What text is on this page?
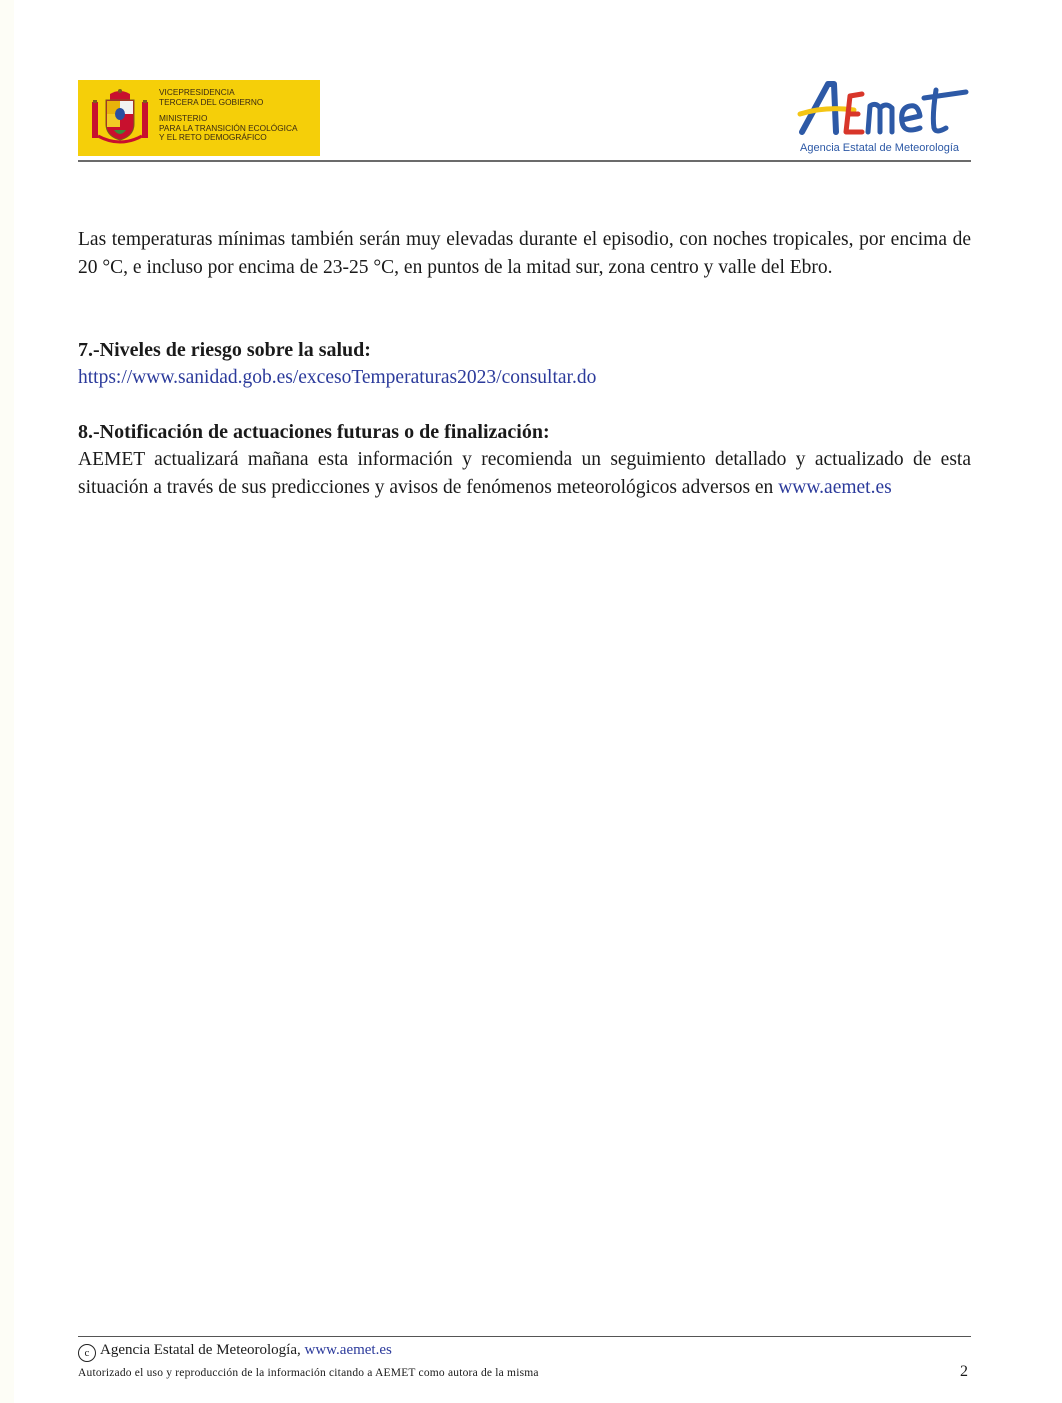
VICEPRESIDENCIA
TERCERA DEL GOBIERNO
MINISTERIO
PARA LA TRANSICIÓN ECOLÓGICA
Y EL RETO DEMOGRÁFICO
Agencia Estatal de Meteorología

Las temperaturas mínimas también serán muy elevadas durante el episodio, con noches tropicales, por encima de 20 °C, e incluso por encima de 23-25 °C, en puntos de la mitad sur, zona centro y valle del Ebro.

7.-Niveles de riesgo sobre la salud:
https://www.sanidad.gob.es/excesoTemperaturas2023/consultar.do
8.-Notificación de actuaciones futuras o de finalización:

AEMET actualizará mañana esta información y recomienda un seguimiento detallado y actualizado de esta situación a través de sus predicciones y avisos de fenómenos meteorológicos adversos en www.aemet.es

c Agencia Estatal de Meteorología, www.aemet.es
Autorizado el uso y reproducción de la información citando a AEMET como autora de la misma	2
